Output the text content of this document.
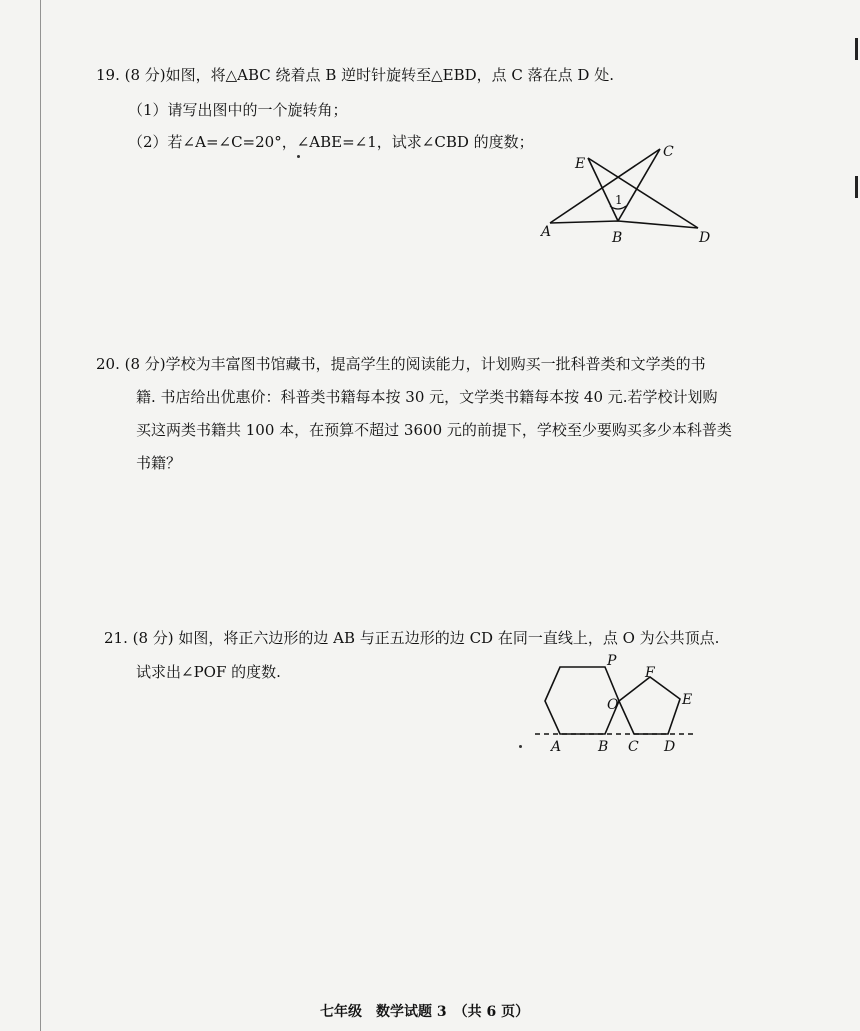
19. (8 分)如图，将△ABC 绕着点 B 逆时针旋转至△EBD，点 C 落在点 D 处.
（1）请写出图中的一个旋转角；
（2）若∠A=∠C=20°，∠ABE=∠1，试求∠CBD 的度数；
A	B
C
D
E
1
20. (8 分)学校为丰富图书馆藏书，提高学生的阅读能力，计划购买一批科普类和文学类的书
籍. 书店给出优惠价：科普类书籍每本按 30 元，文学类书籍每本按 40 元.若学校计划购
买这两类书籍共 100 本，在预算不超过 3600 元的前提下，学校至少要购买多少本科普类
书籍？
21. (8 分) 如图，将正六边形的边 AB 与正五边形的边 CD 在同一直线上，点 O 为公共顶点.
试求出∠POF 的度数.
A	B C D
E
F
O
P
七年级　数学试题 3　（共 6 页）
